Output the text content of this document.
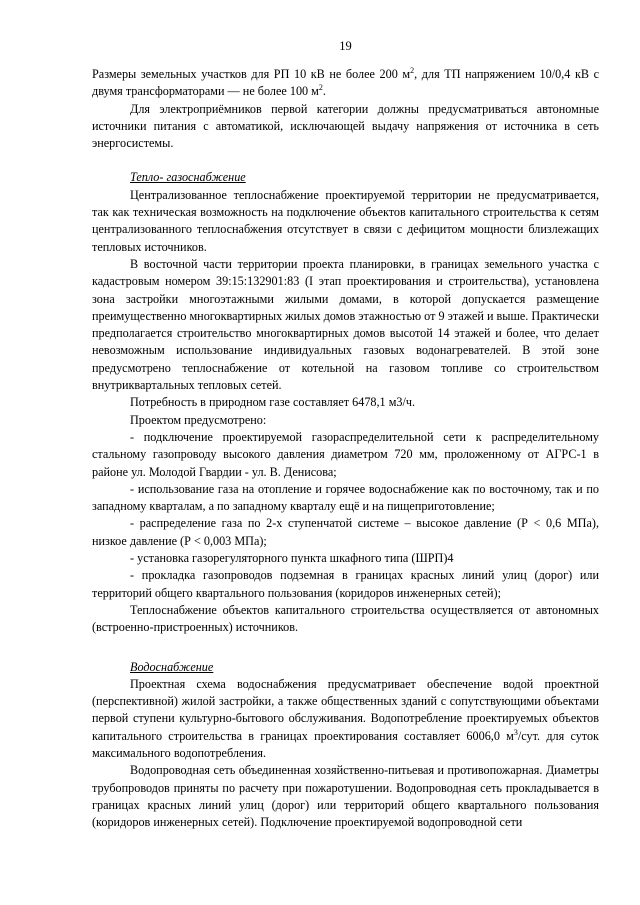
19

Размеры земельных участков для РП 10 кВ не более 200 $м^2$, для ТП напряжением 10/0,4 кВ с двумя трансформаторами — не более 100 $м^2$.

Для электроприёмников первой категории должны предусматриваться автономные источники питания с автоматикой, исключающей выдачу напряжения от источника в сеть энергосистемы.

Тепло- газоснабжение

Централизованное теплоснабжение проектируемой территории не предусматривается, так как техническая возможность на подключение объектов капитального строительства к сетям централизованного теплоснабжения отсутствует в связи с дефицитом мощности близлежащих тепловых источников.

В восточной части территории проекта планировки, в границах земельного участка с кадастровым номером 39:15:132901:83 (I этап проектирования и строительства), установлена зона застройки многоэтажными жилыми домами, в которой допускается размещение преимущественно многоквартирных жилых домов этажностью от 9 этажей и выше. Практически предполагается строительство многоквартирных домов высотой 14 этажей и более, что делает невозможным использование индивидуальных газовых водонагревателей. В этой зоне предусмотрено теплоснабжение от котельной на газовом топливе со строительством внутриквартальных тепловых сетей.

Потребность в природном газе составляет 6478,1 м3/ч.

Проектом предусмотрено:

- подключение проектируемой газораспределительной сети к распределительному стальному газопроводу высокого давления диаметром 720 мм, проложенному от АГРС-1 в районе ул. Молодой Гвардии - ул. В. Денисова;

- использование газа на отопление и горячее водоснабжение как по восточному, так и по западному кварталам, а по западному кварталу ещё и на пищеприготовление;

- распределение газа по 2-х ступенчатой системе – высокое давление (Р < 0,6 МПа), низкое давление (Р < 0,003 МПа);

- установка газорегуляторного пункта шкафного типа (ШРП)4

- прокладка газопроводов подземная в границах красных линий улиц (дорог) или территорий общего квартального пользования (коридоров инженерных сетей);

Теплоснабжение объектов капитального строительства осуществляется от автономных (встроенно-пристроенных) источников.

Водоснабжение

Проектная схема водоснабжения предусматривает обеспечение водой проектной (перспективной) жилой застройки, а также общественных зданий с сопутствующими объектами первой ступени культурно-бытового обслуживания. Водопотребление проектируемых объектов капитального строительства в границах проектирования составляет 6006,0 $м^3$/сут. для суток максимального водопотребления.

Водопроводная сеть объединенная хозяйственно-питьевая и противопожарная. Диаметры трубопроводов приняты по расчету при пожаротушении. Водопроводная сеть прокладывается в границах красных линий улиц (дорог) или территорий общего квартального пользования (коридоров инженерных сетей). Подключение проектируемой водопроводной сети
